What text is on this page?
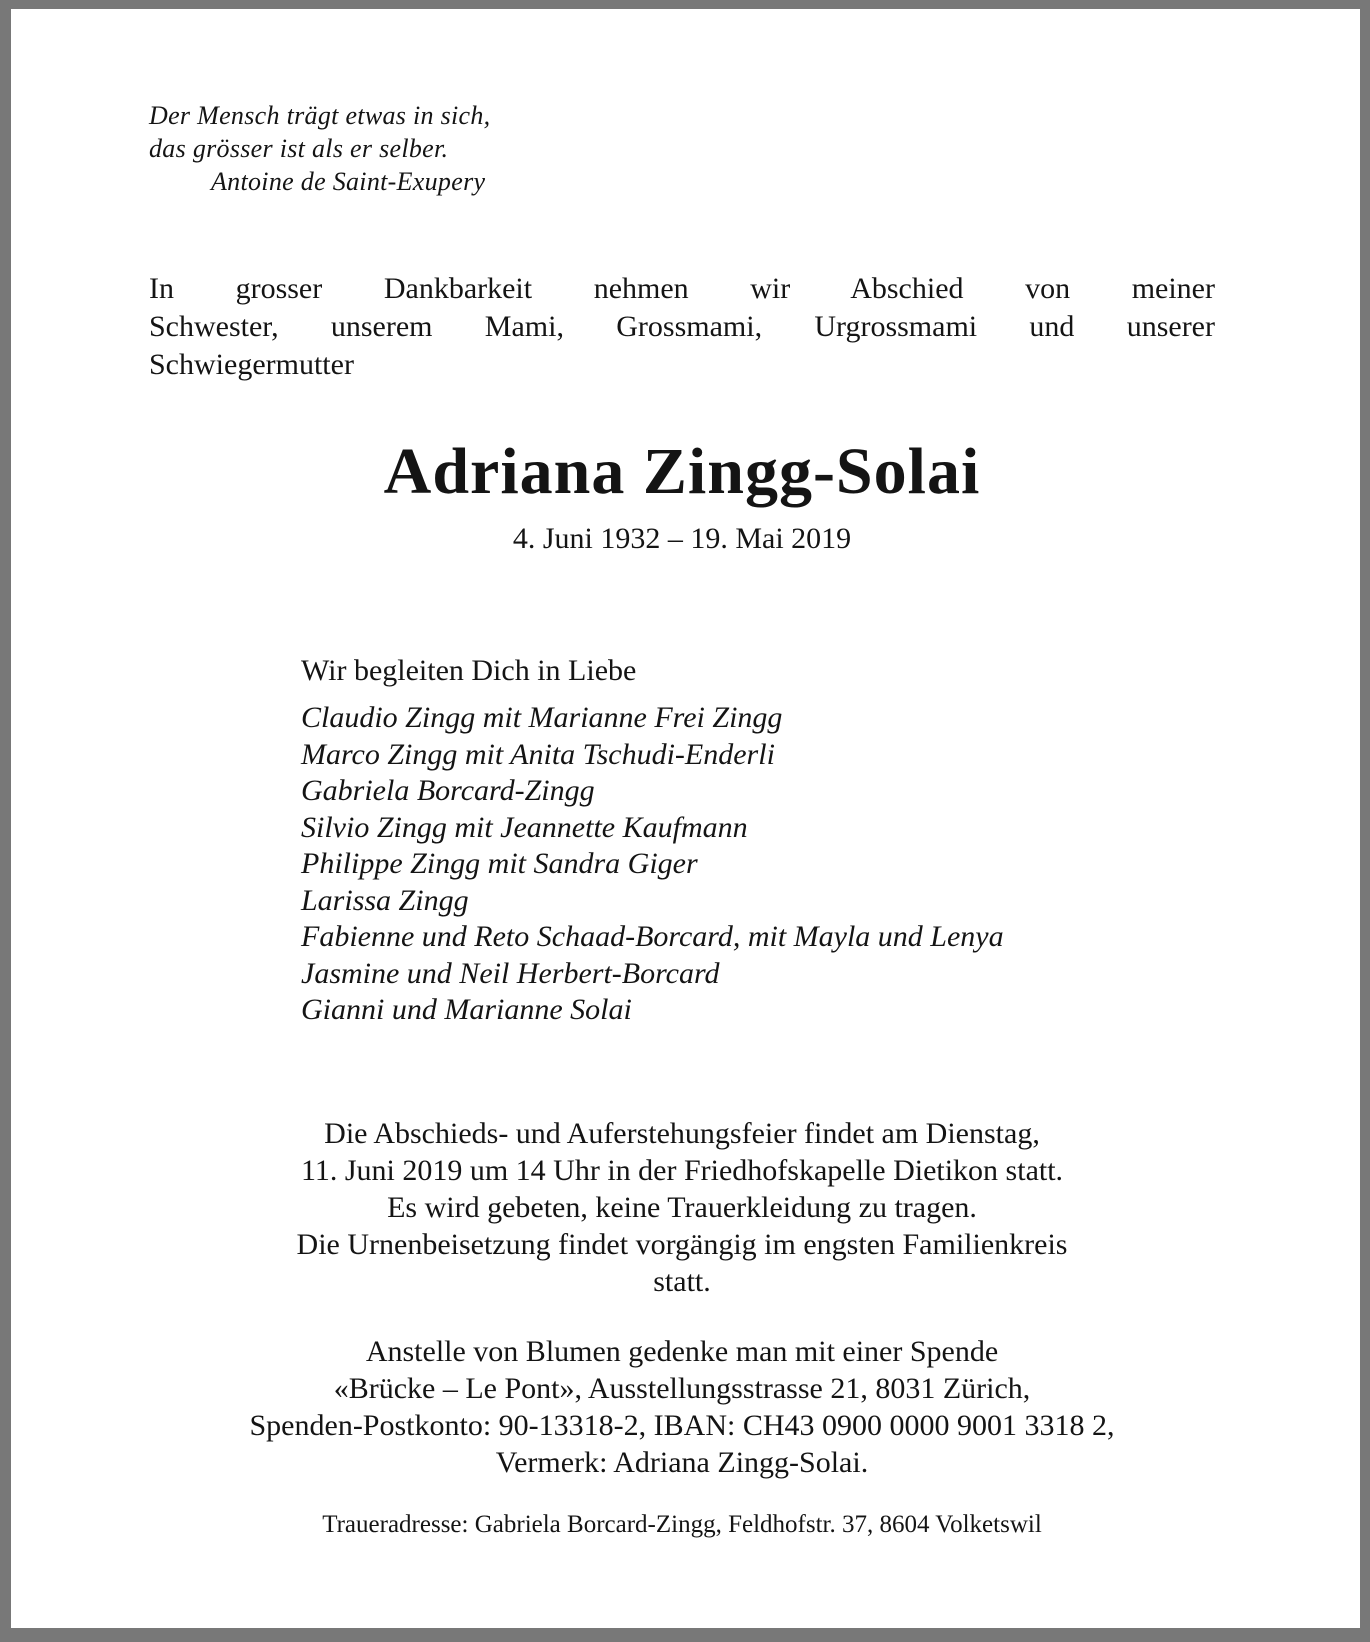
Der Mensch trägt etwas in sich,
das grösser ist als er selber.
Antoine de Saint-Exupery
In grosser Dankbarkeit nehmen wir Abschied von meiner
Schwester, unserem Mami, Grossmami, Urgrossmami und unserer
Schwiegermutter
Adriana Zingg-Solai
4. Juni 1932 – 19. Mai 2019
Wir begleiten Dich in Liebe
Claudio Zingg mit Marianne Frei Zingg
Marco Zingg mit Anita Tschudi-Enderli
Gabriela Borcard-Zingg
Silvio Zingg mit Jeannette Kaufmann
Philippe Zingg mit Sandra Giger
Larissa Zingg
Fabienne und Reto Schaad-Borcard, mit Mayla und Lenya
Jasmine und Neil Herbert-Borcard
Gianni und Marianne Solai
Die Abschieds- und Auferstehungsfeier findet am Dienstag,
11. Juni 2019 um 14 Uhr in der Friedhofskapelle Dietikon statt.
Es wird gebeten, keine Trauerkleidung zu tragen.
Die Urnenbeisetzung findet vorgängig im engsten Familienkreis
statt.
Anstelle von Blumen gedenke man mit einer Spende
«Brücke – Le Pont», Ausstellungsstrasse 21, 8031 Zürich,
Spenden-Postkonto: 90-13318-2, IBAN: CH43 0900 0000 9001 3318 2,
Vermerk: Adriana Zingg-Solai.
Traueradresse: Gabriela Borcard-Zingg, Feldhofstr. 37, 8604 Volketswil
